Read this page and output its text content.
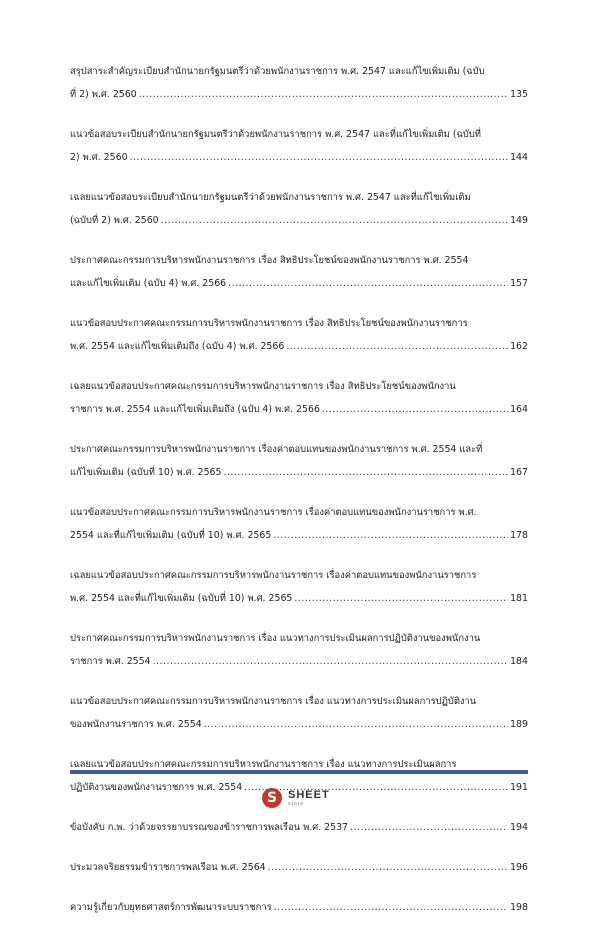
สรุปสาระสำคัญระเบียบสำนักนายกรัฐมนตรีว่าด้วยพนักงานราชการ พ.ศ. 2547 และแก้ไขเพิ่มเติม (ฉบับ
ที่ 2) พ.ศ. 2560 .....	135
แนวข้อสอบระเบียบสำนักนายกรัฐมนตรีว่าด้วยพนักงานราชการ พ.ศ. 2547 และที่แก้ไขเพิ่มเติม (ฉบับที่
2) พ.ศ. 2560 .....	144
เฉลยแนวข้อสอบระเบียบสำนักนายกรัฐมนตรีว่าด้วยพนักงานราชการ พ.ศ. 2547 และที่แก้ไขเพิ่มเติม
(ฉบับที่ 2) พ.ศ. 2560 .....	149
ประกาศคณะกรรมการบริหารพนักงานราชการ เรื่อง สิทธิประโยชน์ของพนักงานราชการ พ.ศ. 2554
และแก้ไขเพิ่มเติม (ฉบับ 4) พ.ศ. 2566 .....	157
แนวข้อสอบประกาศคณะกรรมการบริหารพนักงานราชการ เรื่อง สิทธิประโยชน์ของพนักงานราชการ
พ.ศ. 2554 และแก้ไขเพิ่มเติมถึง (ฉบับ 4) พ.ศ. 2566 .....	162
เฉลยแนวข้อสอบประกาศคณะกรรมการบริหารพนักงานราชการ เรื่อง สิทธิประโยชน์ของพนักงาน
ราชการ พ.ศ. 2554 และแก้ไขเพิ่มเติมถึง (ฉบับ 4) พ.ศ. 2566 .....	164
ประกาศคณะกรรมการบริหารพนักงานราชการ เรื่องค่าตอบแทนของพนักงานราชการ พ.ศ. 2554 และที่
แก้ไขเพิ่มเติม (ฉบับที่ 10) พ.ศ. 2565 .....	167
แนวข้อสอบประกาศคณะกรรมการบริหารพนักงานราชการ เรื่องค่าตอบแทนของพนักงานราชการ พ.ศ.
2554 และที่แก้ไขเพิ่มเติม (ฉบับที่ 10) พ.ศ. 2565 .....	178
เฉลยแนวข้อสอบประกาศคณะกรรมการบริหารพนักงานราชการ เรื่องค่าตอบแทนของพนักงานราชการ
พ.ศ. 2554 และที่แก้ไขเพิ่มเติม (ฉบับที่ 10) พ.ศ. 2565 .....	181
ประกาศคณะกรรมการบริหารพนักงานราชการ เรื่อง แนวทางการประเมินผลการปฏิบัติงานของพนักงาน
ราชการ พ.ศ. 2554 .....	184
แนวข้อสอบประกาศคณะกรรมการบริหารพนักงานราชการ เรื่อง แนวทางการประเมินผลการปฏิบัติงาน
ของพนักงานราชการ พ.ศ. 2554 .....	189
เฉลยแนวข้อสอบประกาศคณะกรรมการบริหารพนักงานราชการ เรื่อง แนวทางการประเมินผลการ
ปฏิบัติงานของพนักงานราชการ พ.ศ. 2554 .....	191
ข้อบังคับ ก.พ. ว่าด้วยจรรยาบรรณของข้าราชการพลเรือน พ.ศ. 2537 .....	194
ประมวลจริยธรรมข้าราชการพลเรือน พ.ศ. 2564 .....	196
ความรู้เกี่ยวกับยุทธศาสตร์การพัฒนาระบบราชการ .....	198
S SHEET
store
